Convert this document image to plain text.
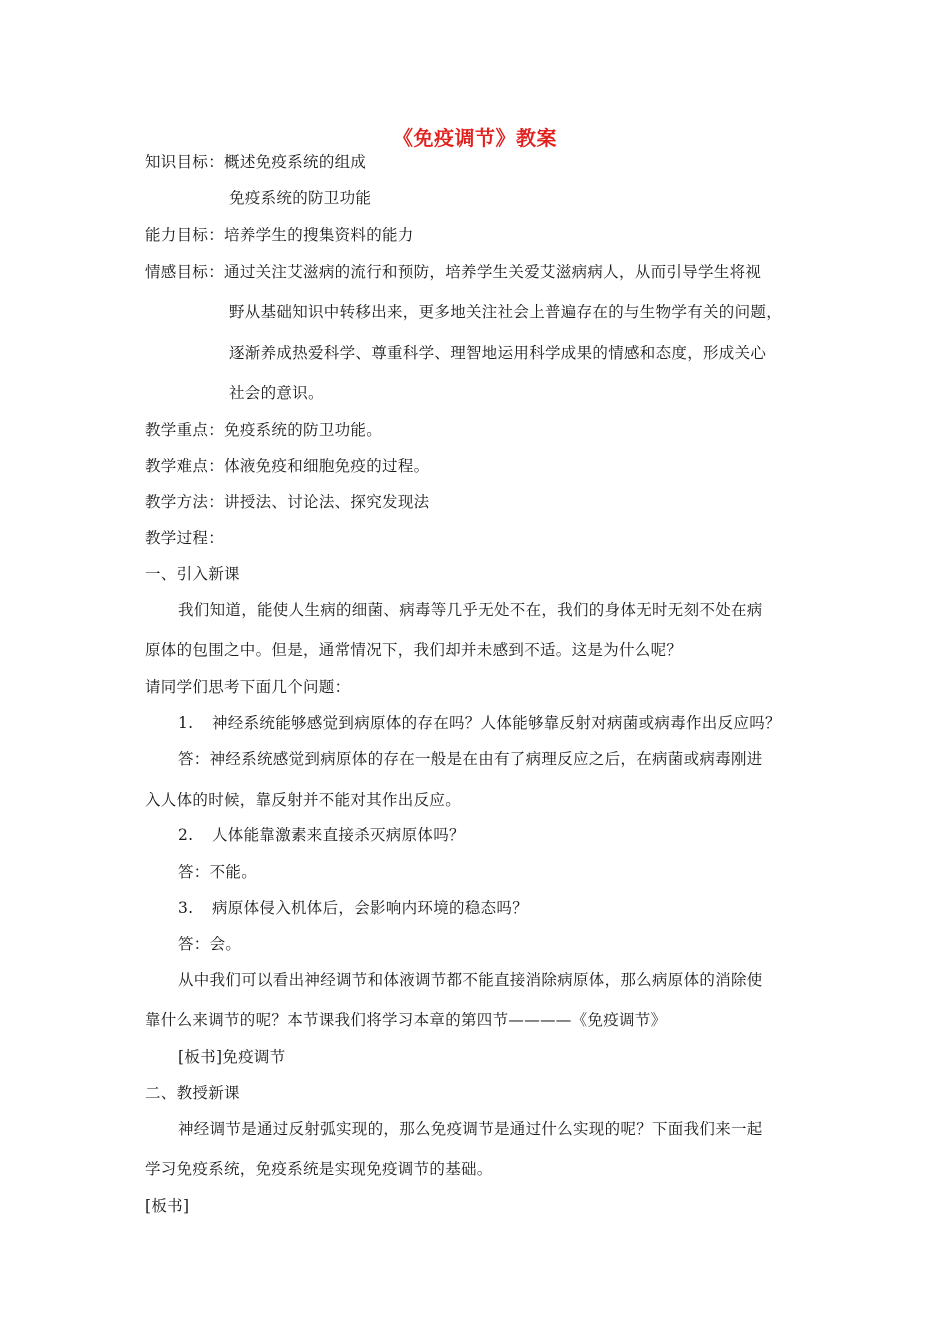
《免疫调节》教案
知识目标：概述免疫系统的组成
免疫系统的防卫功能
能力目标：培养学生的搜集资料的能力
情感目标：通过关注艾滋病的流行和预防，培养学生关爱艾滋病病人，从而引导学生将视
野从基础知识中转移出来，更多地关注社会上普遍存在的与生物学有关的问题，
逐渐养成热爱科学、尊重科学、理智地运用科学成果的情感和态度，形成关心
社会的意识。
教学重点：免疫系统的防卫功能。
教学难点：体液免疫和细胞免疫的过程。
教学方法：讲授法、讨论法、探究发现法
教学过程：
一、引入新课
我们知道，能使人生病的细菌、病毒等几乎无处不在，我们的身体无时无刻不处在病
原体的包围之中。但是，通常情况下，我们却并未感到不适。这是为什么呢？
请同学们思考下面几个问题：
1. 神经系统能够感觉到病原体的存在吗？人体能够靠反射对病菌或病毒作出反应吗？
答：神经系统感觉到病原体的存在一般是在由有了病理反应之后，在病菌或病毒刚进
入人体的时候，靠反射并不能对其作出反应。
2. 人体能靠激素来直接杀灭病原体吗？
答：不能。
3. 病原体侵入机体后，会影响内环境的稳态吗？
答：会。
从中我们可以看出神经调节和体液调节都不能直接消除病原体，那么病原体的消除使
靠什么来调节的呢？本节课我们将学习本章的第四节————《免疫调节》
[板书]免疫调节
二、教授新课
神经调节是通过反射弧实现的，那么免疫调节是通过什么实现的呢？下面我们来一起
学习免疫系统，免疫系统是实现免疫调节的基础。
[板书]
